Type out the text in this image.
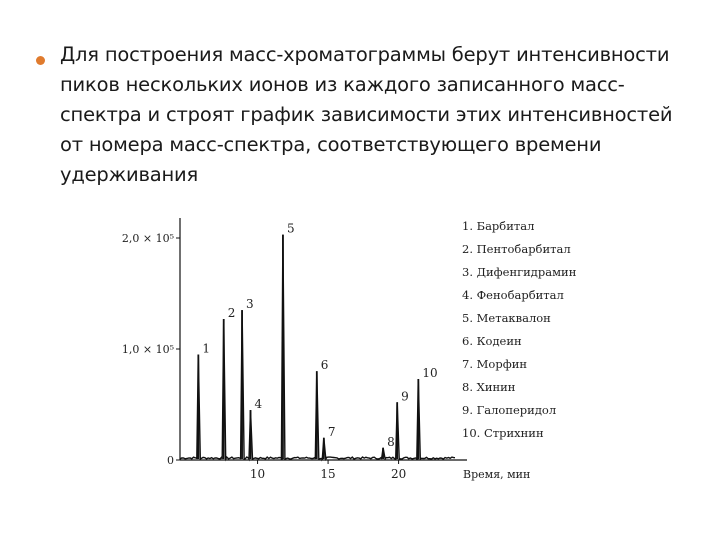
Для построения масс-хроматограммы берут интенсивности пиков нескольких ионов из каждого записанного масс-спектра и строят график зависимости этих интенсивностей от номера масс-спектра, соответствующего времени удерживания
0
1,0 × 10⁵
2,0 × 10⁵
10	15	20	Время, мин
1
2
3
4
5
6
7
8
9
10
1. Барбитал
2. Пентобарбитал
3. Дифенгидрамин
4. Фенобарбитал
5. Метаквалон
6. Кодеин
7. Морфин
8. Хинин
9. Галоперидол
10. Стрихнин
